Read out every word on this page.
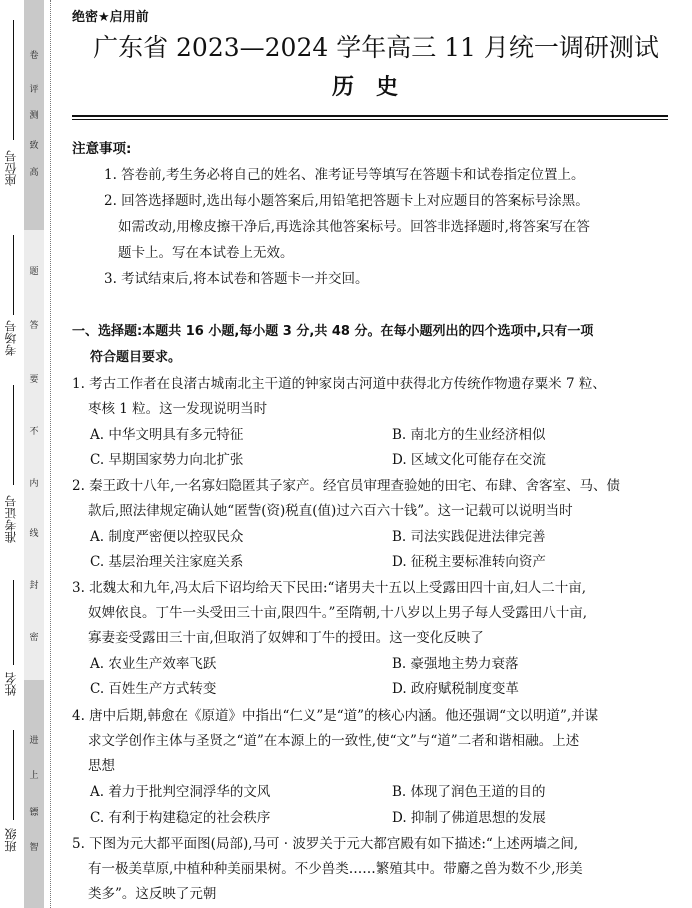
座位号
考场号
准考证号
姓名
班级
卷
评
测
致
高
题
答
要
不
内
线
封
密
进
上
镖
智
绝密★启用前
广东省 2023—2024 学年高三 11 月统一调研测试
历史
注意事项:
1. 答卷前,考生务必将自己的姓名、准考证号等填写在答题卡和试卷指定位置上。
2. 回答选择题时,选出每小题答案后,用铅笔把答题卡上对应题目的答案标号涂黑。
如需改动,用橡皮擦干净后,再选涂其他答案标号。回答非选择题时,将答案写在答
题卡上。写在本试卷上无效。
3. 考试结束后,将本试卷和答题卡一并交回。
一、选择题:本题共 16 小题,每小题 3 分,共 48 分。在每小题列出的四个选项中,只有一项
符合题目要求。
1. 考古工作者在良渚古城南北主干道的钟家岗古河道中获得北方传统作物遗存粟米 7 粒、
枣核 1 粒。这一发现说明当时
A. 中华文明具有多元特征	B. 南北方的生业经济相似
C. 早期国家势力向北扩张	D. 区域文化可能存在交流
2. 秦王政十八年,一名寡妇隐匿其子家产。经官员审理查验她的田宅、布肆、舍客室、马、债
款后,照法律规定确认她“匿訾(资)税直(值)过六百六十钱”。这一记载可以说明当时
A. 制度严密便以控驭民众	B. 司法实践促进法律完善
C. 基层治理关注家庭关系	D. 征税主要标准转向资产
3. 北魏太和九年,冯太后下诏均给天下民田:“诸男夫十五以上受露田四十亩,妇人二十亩,
奴婢依良。丁牛一头受田三十亩,限四牛。”至隋朝,十八岁以上男子每人受露田八十亩,
寡妻妾受露田三十亩,但取消了奴婢和丁牛的授田。这一变化反映了
A. 农业生产效率飞跃	B. 豪强地主势力衰落
C. 百姓生产方式转变	D. 政府赋税制度变革
4. 唐中后期,韩愈在《原道》中指出“仁义”是“道”的核心内涵。他还强调“文以明道”,并谋
求文学创作主体与圣贤之“道”在本源上的一致性,使“文”与“道”二者和谐相融。上述
思想
A. 着力于批判空洞浮华的文风	B. 体现了润色王道的目的
C. 有利于构建稳定的社会秩序	D. 抑制了佛道思想的发展
5. 下图为元大都平面图(局部),马可 · 波罗关于元大都宫殿有如下描述:“上述两墙之间,
有一极美草原,中植种种美丽果树。不少兽类……繁殖其中。带麝之兽为数不少,形美
类多”。这反映了元朝
